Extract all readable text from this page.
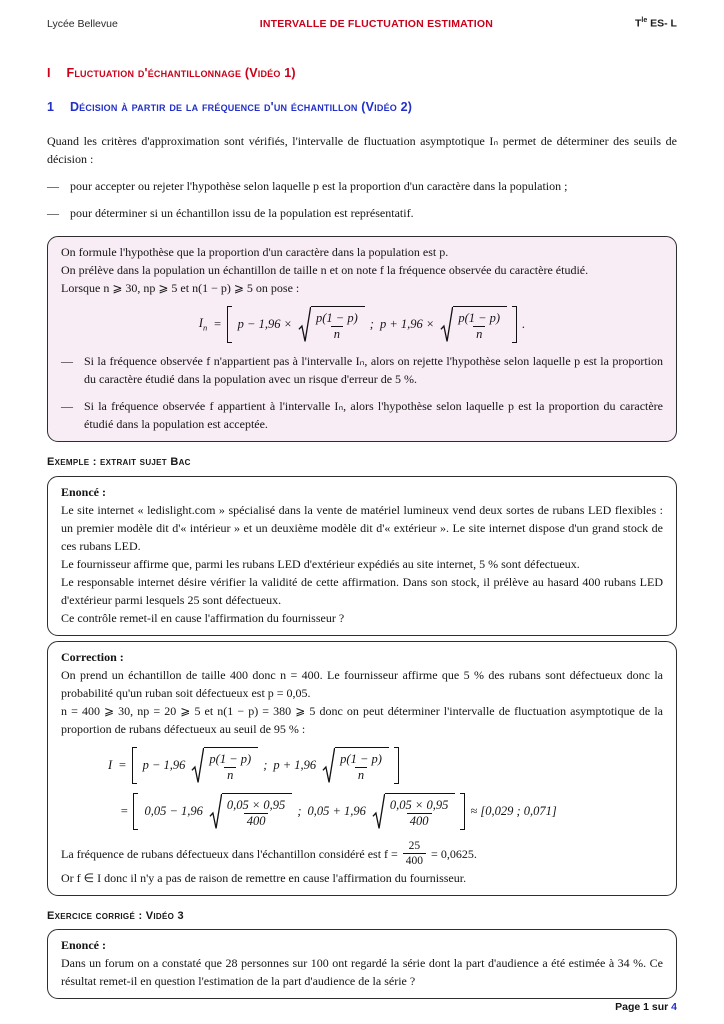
Lycée Bellevue	INTERVALLE DE FLUCTUATION ESTIMATION	$T^{le}$ ES- L
I Fluctuation d'échantillonnage (Vidéo 1)
1 Décision à partir de la fréquence d'un échantillon (Vidéo 2)

Quand les critères d'approximation sont vérifiés, l'intervalle de fluctuation asymptotique Iₙ permet de déterminer des seuils de décision :

— pour accepter ou rejeter l'hypothèse selon laquelle p est la proportion d'un caractère dans la population ;
— pour déterminer si un échantillon issu de la population est représentatif.

On formule l'hypothèse que la proportion d'un caractère dans la population est p.

On prélève dans la population un échantillon de taille n et on note f la fréquence observée du caractère étudié.

Lorsque n ⩾ 30, np ⩾ 5 et n(1 − p) ⩾ 5 on pose :

$I_n = p - 1,96 \times \frac{p(1 - p)}{n}$ ; $p + 1,96 \times \frac{p(1 - p)}{n}$ .
— Si la fréquence observée f n'appartient pas à l'intervalle Iₙ, alors on rejette l'hypothèse selon laquelle p est la proportion du caractère étudié dans la population avec un risque d'erreur de 5 %.
— Si la fréquence observée f appartient à l'intervalle Iₙ, alors l'hypothèse selon laquelle p est la proportion du caractère étudié dans la population est acceptée.
Exemple : extrait sujet Bac

Enoncé :

Le site internet « ledislight.com » spécialisé dans la vente de matériel lumineux vend deux sortes de rubans LED flexibles : un premier modèle dit d'« intérieur » et un deuxième modèle dit d'« extérieur ». Le site internet dispose d'un grand stock de ces rubans LED.

Le fournisseur affirme que, parmi les rubans LED d'extérieur expédiés au site internet, 5 % sont défectueux.

Le responsable internet désire vérifier la validité de cette affirmation. Dans son stock, il prélève au hasard 400 rubans LED d'extérieur parmi lesquels 25 sont défectueux.

Ce contrôle remet-il en cause l'affirmation du fournisseur ?

Correction :

On prend un échantillon de taille 400 donc n = 400. Le fournisseur affirme que 5 % des rubans sont défectueux donc la probabilité qu'un ruban soit défectueux est p = 0,05.

n = 400 ⩾ 30, np = 20 ⩾ 5 et n(1 − p) = 380 ⩾ 5 donc on peut déterminer l'intervalle de fluctuation asymptotique de la proportion de rubans défectueux au seuil de 95 % :

$I = p - 1,96 \frac{p(1 - p)}{n}$ ; $p + 1,96 \frac{p(1 - p)}{n}$
= $0,05 - 1,96 \frac{0,05 \times 0,95}{400}$ ; $0,05 + 1,96 \frac{0,05 \times 0,95}{400} \approx [0,029$ ; 0,071]
La fréquence de rubans défectueux dans l'échantillon considéré est $f = \frac{25}{400} = 0,0625$.

Or f ∈ I donc il n'y a pas de raison de remettre en cause l'affirmation du fournisseur.

Exercice corrigé : Vidéo 3

Enoncé :

Dans un forum on a constaté que 28 personnes sur 100 ont regardé la série dont la part d'audience a été estimée à 34 %. Ce résultat remet-il en question l'estimation de la part d'audience de la série ?

Page 1 sur 4
